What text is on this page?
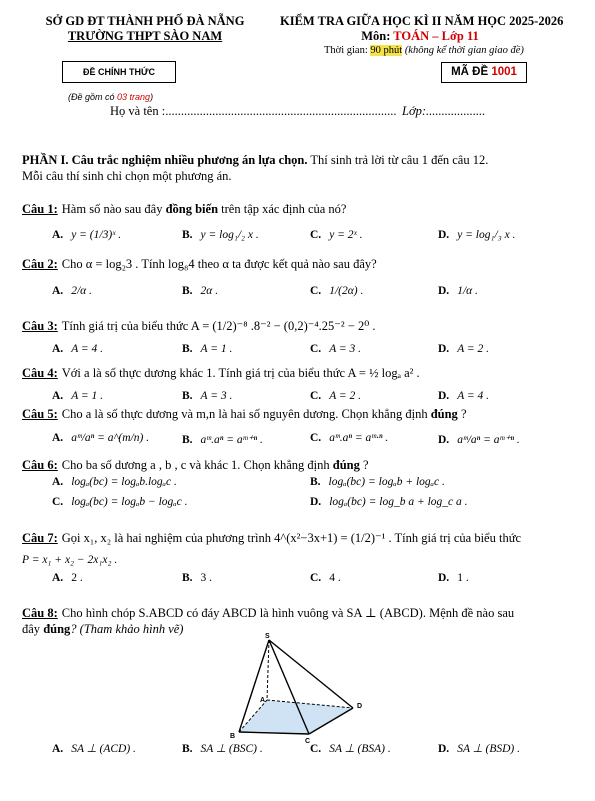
SỞ GD ĐT THÀNH PHỐ ĐÀ NẴNG
TRƯỜNG THPT SÀO NAM
KIỂM TRA GIỮA HỌC KÌ II NĂM HỌC 2025-2026
Môn: TOÁN – Lớp 11
Thời gian: 90 phút (không kể thời gian giao đề)
ĐỀ CHÍNH THỨC	MÃ ĐỀ 1001
(Đề gồm có 03 trang)
Họ và tên :.......................................................................... Lớp:...................
PHẦN I. Câu trắc nghiệm nhiều phương án lựa chọn. Thí sinh trả lời từ câu 1 đến câu 12.
Mỗi câu thí sinh chỉ chọn một phương án.
Câu 1: Hàm số nào sau đây đồng biến trên tập xác định của nó?
A. y = (1/3)ˣ .	B. y = log₁/₂ x .	C. y = 2ˣ .	D. y = log₁/₃ x .
Câu 2: Cho α = log₂3 . Tính log₈4 theo α ta được kết quả nào sau đây?
A. 2/α .	B. 2α .	C. 1/(2α) .	D. 1/α .
Câu 3: Tính giá trị của biểu thức A = (1/2)⁻⁸ .8⁻² − (0,2)⁻⁴.25⁻² − 2⁰ .
A. A = 4 .	B. A = 1 .	C. A = 3 .	D. A = 2 .
Câu 4: Với a là số thực dương khác 1. Tính giá trị của biểu thức A = ½ logₐ a² .
A. A = 1 .	B. A = 3 .	C. A = 2 .	D. A = 4 .
Câu 5: Cho a là số thực dương và m,n là hai số nguyên dương. Chọn khẳng định đúng ?
A. aᵐ/aⁿ = a^(m/n) .	B. aᵐ.aⁿ = aᵐ⁺ⁿ .	C. aᵐ.aⁿ = aᵐ·ⁿ .	D. aᵐ/aⁿ = aᵐ⁺ⁿ .
Câu 6: Cho ba số dương a , b , c và khác 1. Chọn khẳng định đúng ?
A. logₐ(bc) = logₐb.logₐc .	B. logₐ(bc) = logₐb + logₐc .
C. logₐ(bc) = logₐb − logₐc .	D. logₐ(bc) = log_b a + log_c a .
Câu 7: Gọi x₁, x₂ là hai nghiệm của phương trình 4^(x²−3x+1) = (1/2)⁻¹ . Tính giá trị của biểu thức
P = x₁ + x₂ − 2x₁x₂ .
A. 2 .	B. 3 .	C. 4 .	D. 1 .
Câu 8: Cho hình chóp S.ABCD có đáy ABCD là hình vuông và SA ⊥ (ABCD). Mệnh đề nào sau
đây đúng? (Tham khảo hình vẽ)
S
A
B
C
D
A. SA ⊥ (ACD) .	B. SA ⊥ (BSC) .	C. SA ⊥ (BSA) .	D. SA ⊥ (BSD) .
